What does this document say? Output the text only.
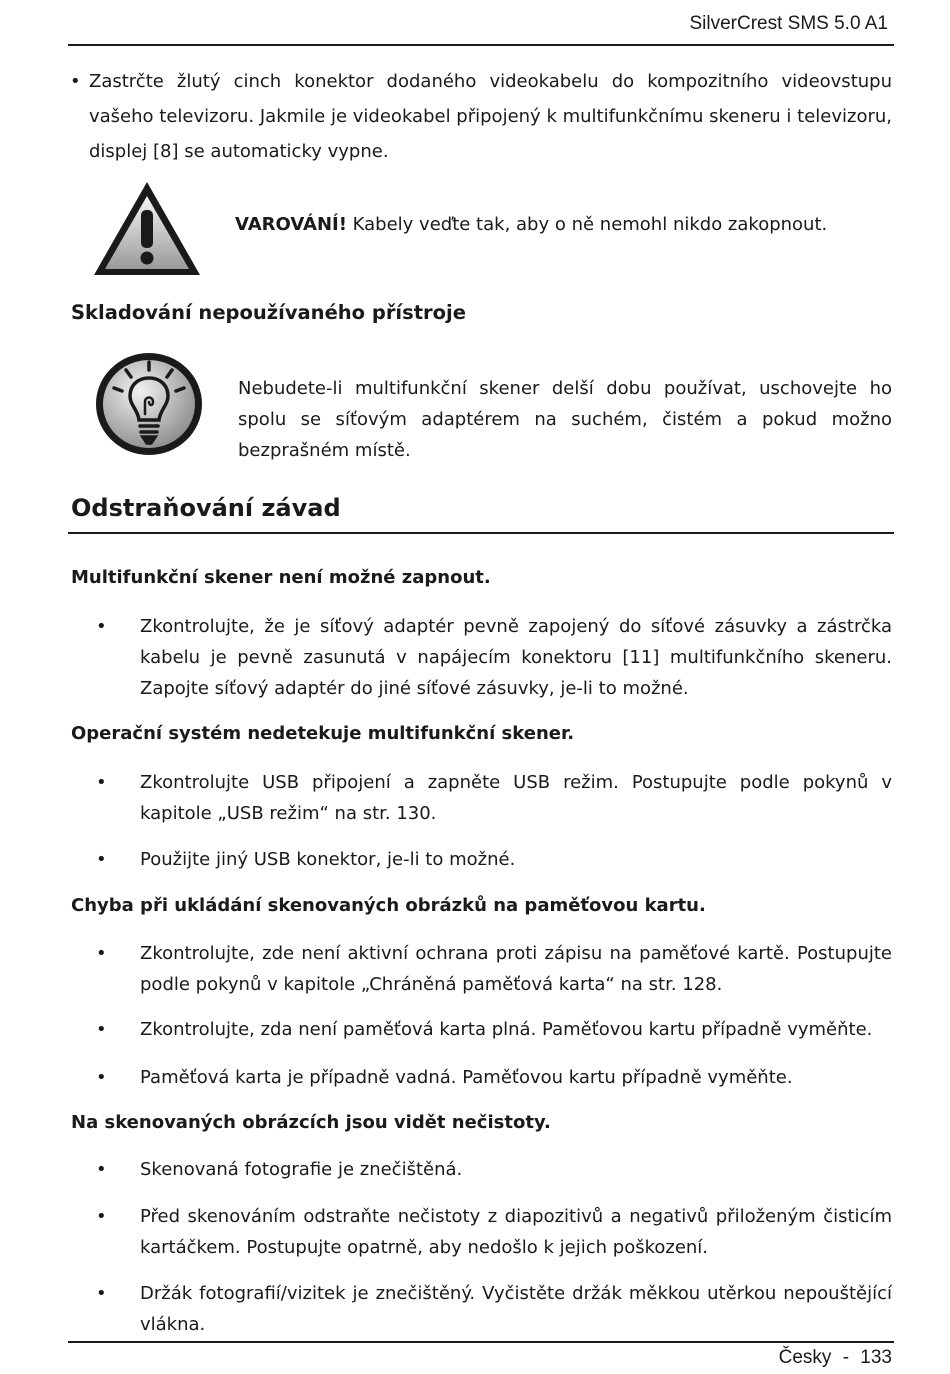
SilverCrest SMS 5.0 A1
• Zastrčte žlutý cinch konektor dodaného videokabelu do kompozitního videovstupu vašeho televizoru. Jakmile je videokabel připojený k multifunkčnímu skeneru i televizoru, displej [8] se automaticky vypne.
VAROVÁNÍ! Kabely veďte tak, aby o ně nemohl nikdo zakopnout.
Skladování nepoužívaného přístroje
Nebudete-li multifunkční skener delší dobu používat, uschovejte ho spolu se síťovým adaptérem na suchém, čistém a pokud možno bezprašném místě.
Odstraňování závad
Multifunkční skener není možné zapnout.
• Zkontrolujte, že je síťový adaptér pevně zapojený do síťové zásuvky a zástrčka kabelu je pevně zasunutá v napájecím konektoru [11] multifunkčního skeneru. Zapojte síťový adaptér do jiné síťové zásuvky, je-li to možné.
Operační systém nedetekuje multifunkční skener.
• Zkontrolujte USB připojení a zapněte USB režim. Postupujte podle pokynů v kapitole „USB režim“ na str. 130.
• Použijte jiný USB konektor, je-li to možné.
Chyba při ukládání skenovaných obrázků na paměťovou kartu.
• Zkontrolujte, zde není aktivní ochrana proti zápisu na paměťové kartě. Postupujte podle pokynů v kapitole „Chráněná paměťová karta“ na str. 128.
• Zkontrolujte, zda není paměťová karta plná. Paměťovou kartu případně vyměňte.
• Paměťová karta je případně vadná. Paměťovou kartu případně vyměňte.
Na skenovaných obrázcích jsou vidět nečistoty.
• Skenovaná fotografie je znečištěná.
• Před skenováním odstraňte nečistoty z diapozitivů a negativů přiloženým čisticím kartáčkem. Postupujte opatrně, aby nedošlo k jejich poškození.
• Držák fotografií/vizitek je znečištěný. Vyčistěte držák měkkou utěrkou nepouštějící vlákna.
Česky - 133
